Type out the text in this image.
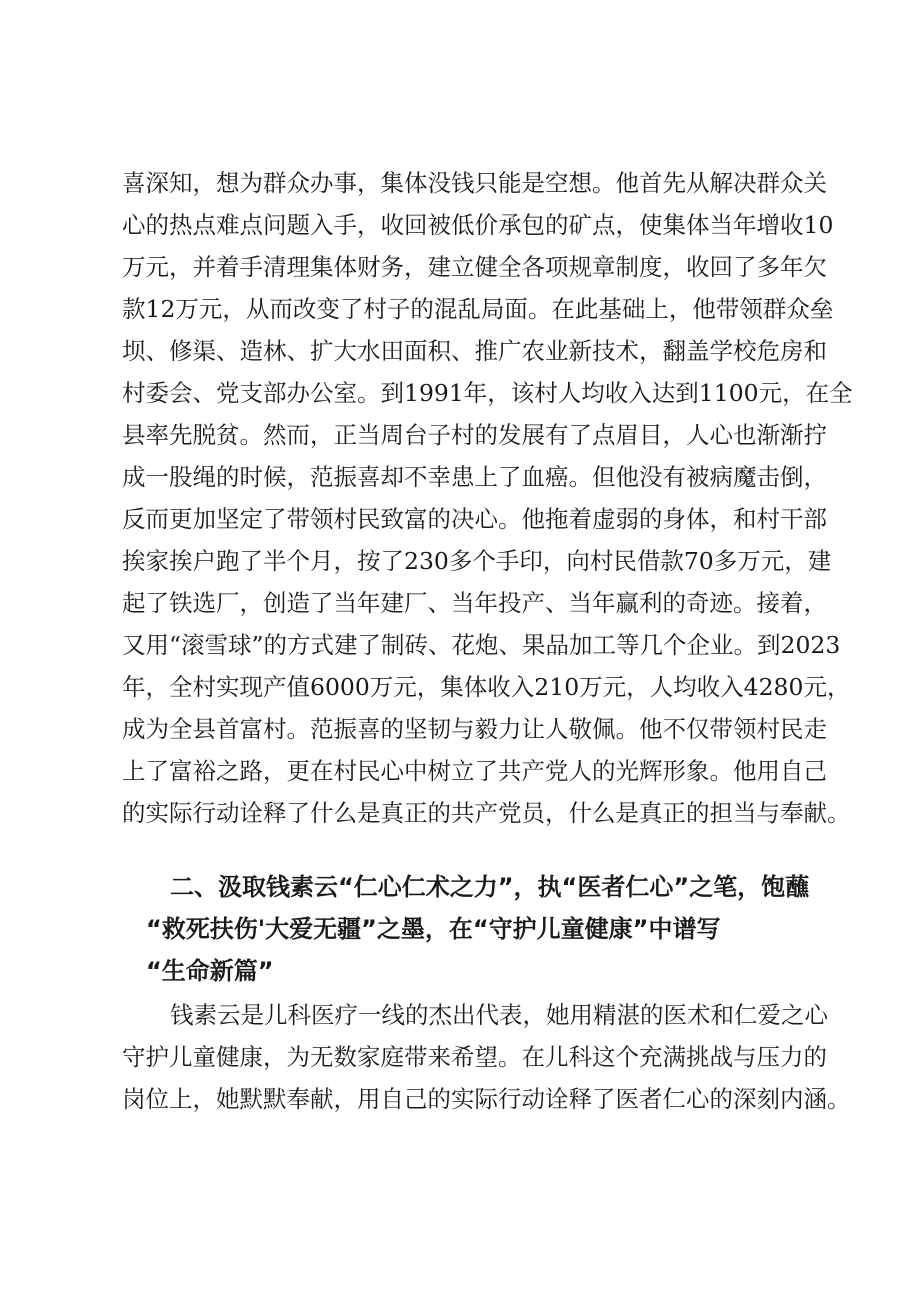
喜深知，想为群众办事，集体没钱只能是空想。他首先从解决群众关
心的热点难点问题入手，收回被低价承包的矿点，使集体当年增收10
万元，并着手清理集体财务，建立健全各项规章制度，收回了多年欠
款12万元，从而改变了村子的混乱局面。在此基础上，他带领群众垒
坝、修渠、造林、扩大水田面积、推广农业新技术，翻盖学校危房和
村委会、党支部办公室。到1991年，该村人均收入达到1100元，在全
县率先脱贫。然而，正当周台子村的发展有了点眉目，人心也渐渐拧
成一股绳的时候，范振喜却不幸患上了血癌。但他没有被病魔击倒，
反而更加坚定了带领村民致富的决心。他拖着虚弱的身体，和村干部
挨家挨户跑了半个月，按了230多个手印，向村民借款70多万元，建
起了铁选厂，创造了当年建厂、当年投产、当年赢利的奇迹。接着，
又用“滚雪球”的方式建了制砖、花炮、果品加工等几个企业。到2023
年，全村实现产值6000万元，集体收入210万元，人均收入4280元，
成为全县首富村。范振喜的坚韧与毅力让人敬佩。他不仅带领村民走
上了富裕之路，更在村民心中树立了共产党人的光辉形象。他用自己
的实际行动诠释了什么是真正的共产党员，什么是真正的担当与奉献。
二、汲取钱素云“仁心仁术之力”，执“医者仁心”之笔，饱蘸
“救死扶伤'大爱无疆”之墨，在“守护儿童健康”中谱写
“生命新篇”
钱素云是儿科医疗一线的杰出代表，她用精湛的医术和仁爱之心
守护儿童健康，为无数家庭带来希望。在儿科这个充满挑战与压力的
岗位上，她默默奉献，用自己的实际行动诠释了医者仁心的深刻内涵。
